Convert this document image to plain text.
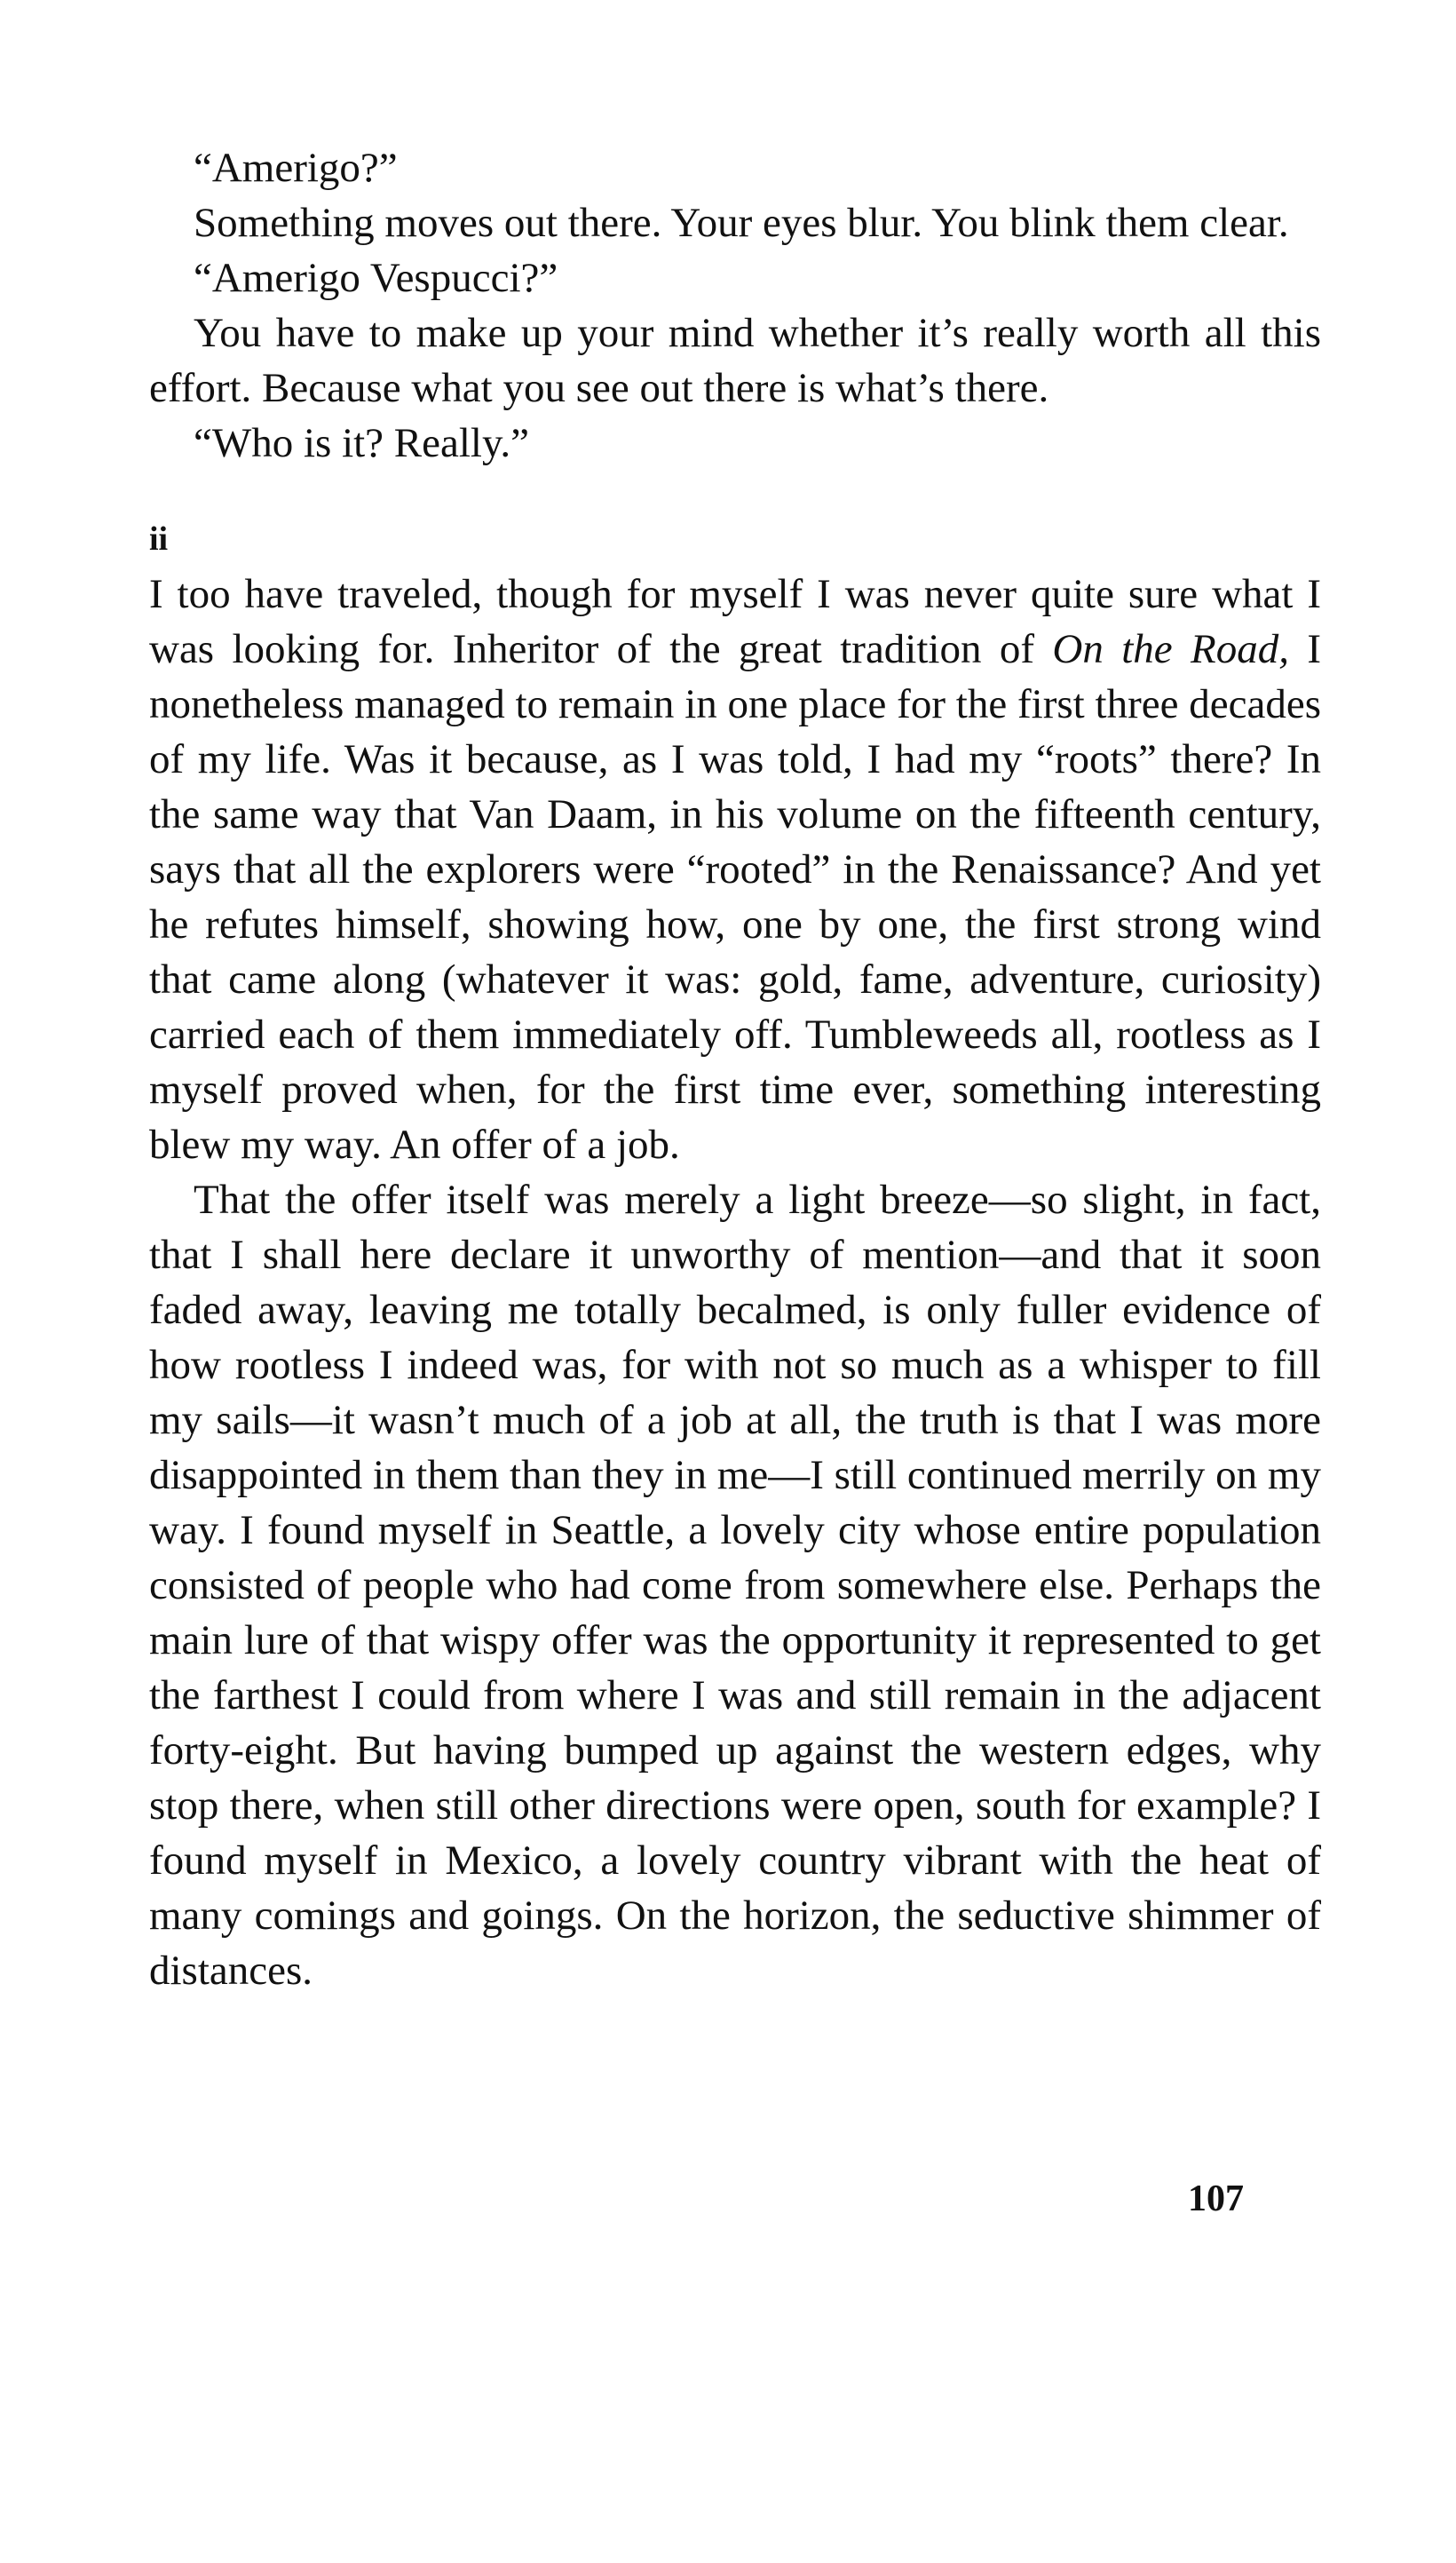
“Amerigo?”

Something moves out there. Your eyes blur. You blink them clear.

“Amerigo Vespucci?”

You have to make up your mind whether it’s really worth all this effort. Because what you see out there is what’s there.

“Who is it? Really.”

ii

I too have traveled, though for myself I was never quite sure what I was looking for. Inheritor of the great tradition of On the Road, I nonetheless managed to remain in one place for the first three decades of my life. Was it because, as I was told, I had my “roots” there? In the same way that Van Daam, in his volume on the fifteenth century, says that all the explorers were “rooted” in the Renaissance? And yet he refutes himself, showing how, one by one, the first strong wind that came along (whatever it was: gold, fame, adventure, curiosity) carried each of them immediately off. Tumbleweeds all, rootless as I myself proved when, for the first time ever, something interesting blew my way. An offer of a job.

That the offer itself was merely a light breeze—so slight, in fact, that I shall here declare it unworthy of mention—and that it soon faded away, leaving me totally becalmed, is only fuller evidence of how rootless I indeed was, for with not so much as a whisper to fill my sails—it wasn’t much of a job at all, the truth is that I was more disappointed in them than they in me—I still continued merrily on my way. I found myself in Seattle, a lovely city whose entire population consisted of people who had come from somewhere else. Perhaps the main lure of that wispy offer was the opportunity it represented to get the farthest I could from where I was and still remain in the adjacent forty-eight. But having bumped up against the western edges, why stop there, when still other directions were open, south for example? I found myself in Mexico, a lovely country vibrant with the heat of many comings and goings. On the horizon, the seductive shimmer of distances.

107
